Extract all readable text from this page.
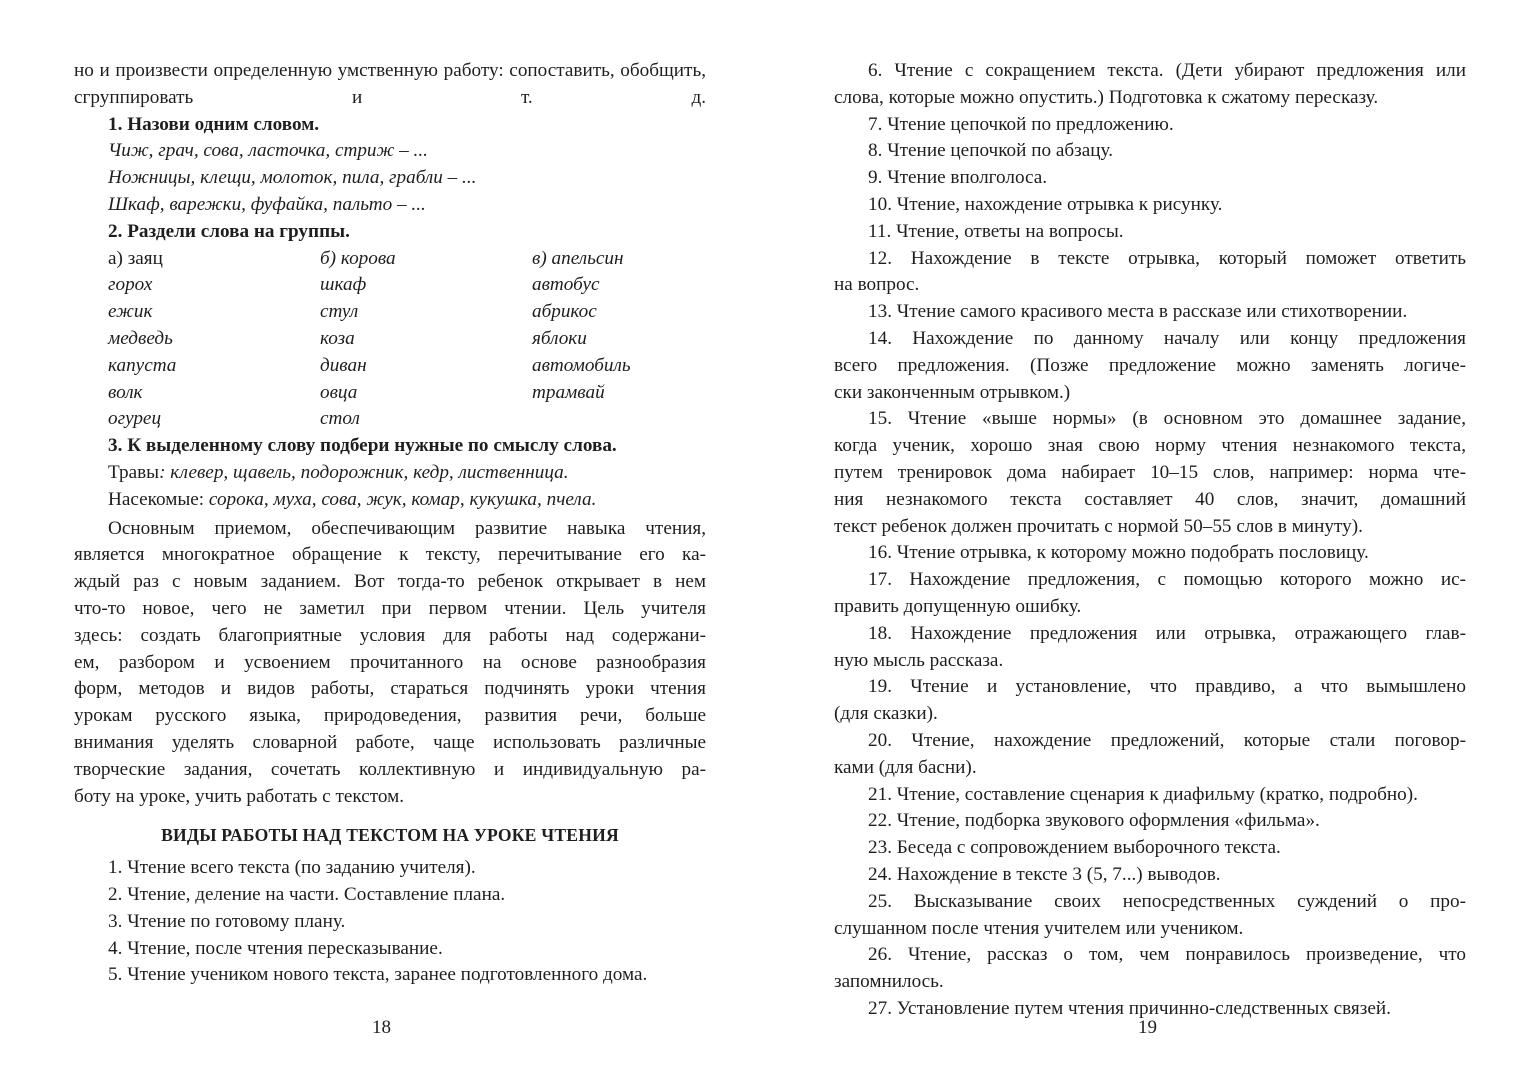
но и произвести определенную умственную работу: сопоставить, обобщить, сгруппировать и т. д.

1. Назови одним словом.

Чиж, грач, сова, ласточка, стриж – ...

Ножницы, клещи, молоток, пила, грабли – ...

Шкаф, варежки, фуфайка, пальто – ...

2. Раздели слова на группы.

а) заяц	б) корова	в) апельсин
горох	шкаф	автобус
ежик	стул	абрикос
медведь	коза	яблоки
капуста	диван	автомобиль
волк	овца	трамвай
огурец	стол

3. К выделенному слову подбери нужные по смыслу слова.

Травы: клевер, щавель, подорожник, кедр, лиственница.

Насекомые: сорока, муха, сова, жук, комар, кукушка, пчела.

Основным приемом, обеспечивающим развитие навыка чтения,

является многократное обращение к тексту, перечитывание его ка-

ждый раз с новым заданием. Вот тогда-то ребенок открывает в нем

что-то новое, чего не заметил при первом чтении. Цель учителя

здесь: создать благоприятные условия для работы над содержани-

ем, разбором и усвоением прочитанного на основе разнообразия

форм, методов и видов работы, стараться подчинять уроки чтения

урокам русского языка, природоведения, развития речи, больше

внимания уделять словарной работе, чаще использовать различные

творческие задания, сочетать коллективную и индивидуальную ра-

боту на уроке, учить работать с текстом.

ВИДЫ РАБОТЫ НАД ТЕКСТОМ НА УРОКЕ ЧТЕНИЯ

1. Чтение всего текста (по заданию учителя).

2. Чтение, деление на части. Составление плана.

3. Чтение по готовому плану.

4. Чтение, после чтения пересказывание.

5. Чтение учеником нового текста, заранее подготовленного дома.

18

6. Чтение с сокращением текста. (Дети убирают предложения или

слова, которые можно опустить.) Подготовка к сжатому пересказу.

7. Чтение цепочкой по предложению.

8. Чтение цепочкой по абзацу.

9. Чтение вполголоса.

10. Чтение, нахождение отрывка к рисунку.

11. Чтение, ответы на вопросы.

12. Нахождение в тексте отрывка, который поможет ответить

на вопрос.

13. Чтение самого красивого места в рассказе или стихотворении.

14. Нахождение по данному началу или концу предложения

всего предложения. (Позже предложение можно заменять логиче-

ски законченным отрывком.)

15. Чтение «выше нормы» (в основном это домашнее задание,

когда ученик, хорошо зная свою норму чтения незнакомого текста,

путем тренировок дома набирает 10–15 слов, например: норма чте-

ния незнакомого текста составляет 40 слов, значит, домашний

текст ребенок должен прочитать с нормой 50–55 слов в минуту).

16. Чтение отрывка, к которому можно подобрать пословицу.

17. Нахождение предложения, с помощью которого можно ис-

править допущенную ошибку.

18. Нахождение предложения или отрывка, отражающего глав-

ную мысль рассказа.

19. Чтение и установление, что правдиво, а что вымышлено

(для сказки).

20. Чтение, нахождение предложений, которые стали поговор-

ками (для басни).

21. Чтение, составление сценария к диафильму (кратко, подробно).

22. Чтение, подборка звукового оформления «фильма».

23. Беседа с сопровождением выборочного текста.

24. Нахождение в тексте 3 (5, 7...) выводов.

25. Высказывание своих непосредственных суждений о про-

слушанном после чтения учителем или учеником.

26. Чтение, рассказ о том, чем понравилось произведение, что

запомнилось.

27. Установление путем чтения причинно-следственных связей.

19
